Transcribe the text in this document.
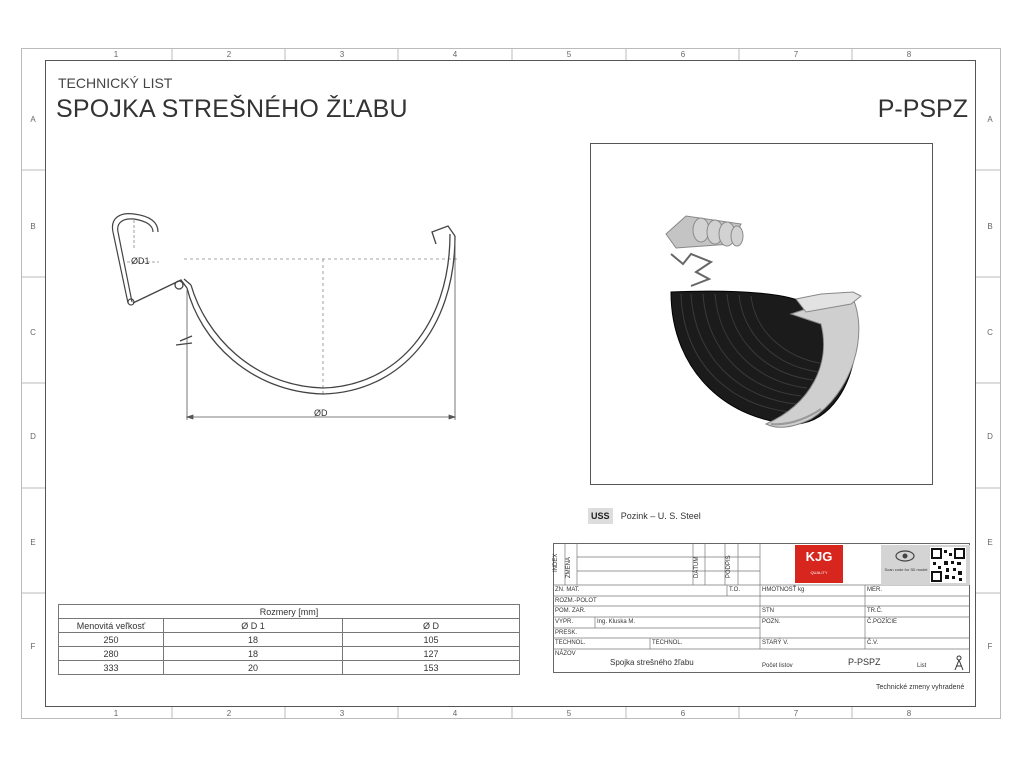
1	2	3	4	5	6	7	8
1	2	3	4	5	6	7	8
A
B
C
D
E
F
A
B
C
D
E
F
TECHNICKÝ LIST
SPOJKA STREŠNÉHO ŽĽABU	P-PSPZ
ØD1
ØD
USS Pozink – U. S. Steel
Rozmery [mm]		
Menovitá veľkosť	Ø D 1	Ø D
250	18	105
280	18	127
333	20	153
INDEX ZMENA	DÁTUM	PODPIS	KJG
QUALITY
Scan code for 3D model
ZN. MAT.	T.O.	HMOTNOSŤ kg	MER.
ROZM.-POLOT
POM. ZAR.	STN	TR.Č.
VYPR.	Ing. Kluska M.	POZN.	Č.POZÍCIE
PRESK.
TECHNOL.	TECHNOL.	STARÝ V.	Č.V.
NÁZOV
Spojka strešného žľabu	Počet listov	P-PSPZ	List
Technické zmeny vyhradené
